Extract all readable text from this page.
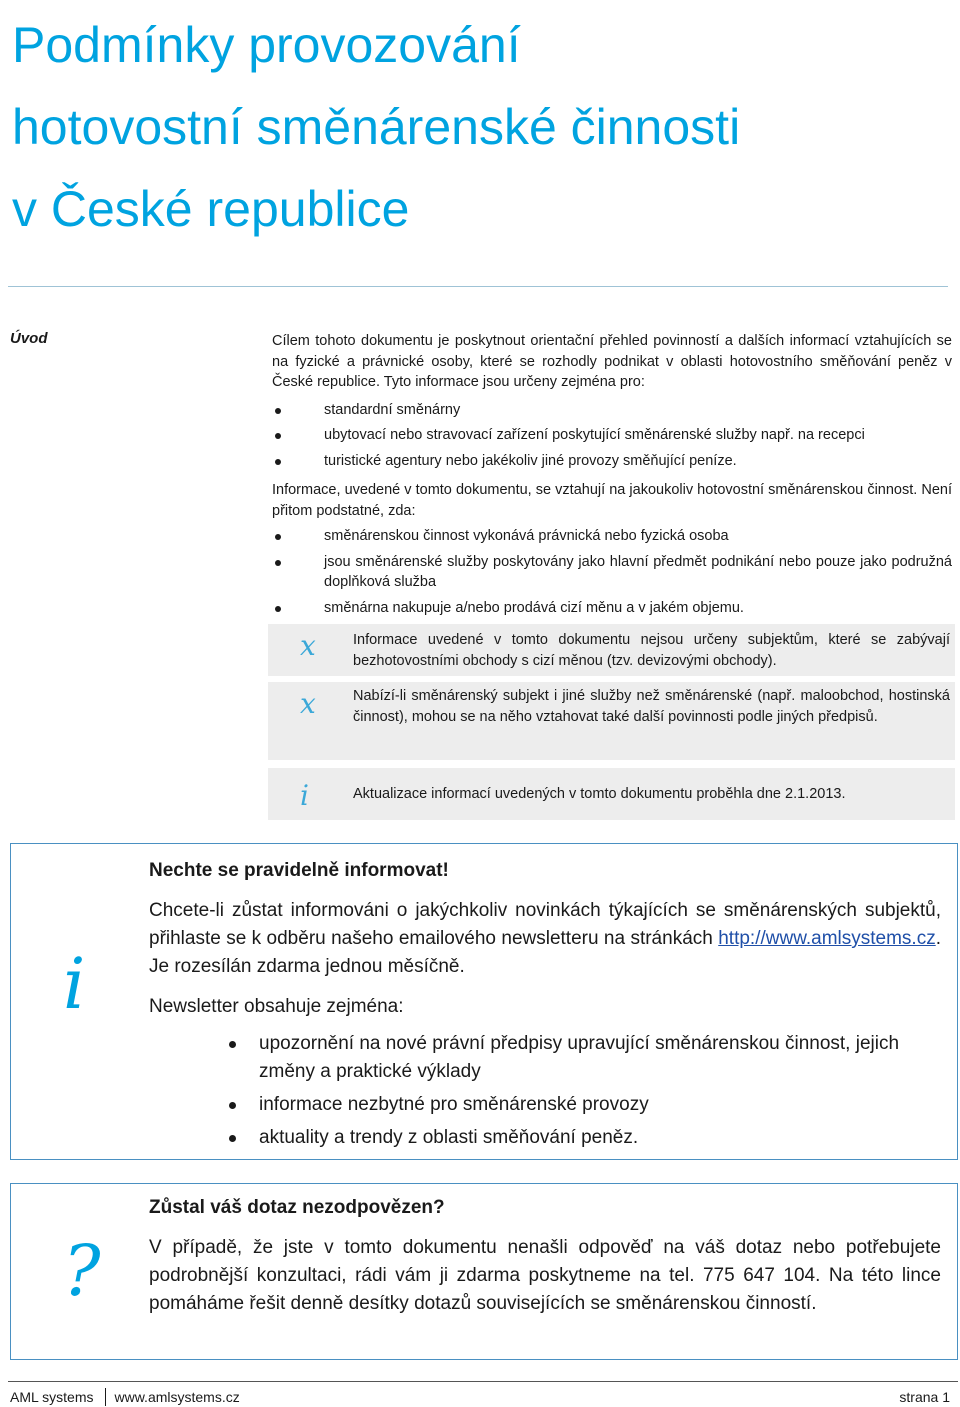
Podmínky provozování
hotovostní směnárenské činnosti
v České republice
Úvod	Cílem tohoto dokumentu je poskytnout orientační přehled povinností a dalších informací vztahujících se na fyzické a právnické osoby, které se rozhodly podnikat v oblasti hotovostního směňování peněz v České republice. Tyto informace jsou určeny zejména pro:

standardní směnárny
ubytovací nebo stravovací zařízení poskytující směnárenské služby např. na recepci
turistické agentury nebo jakékoliv jiné provozy směňující peníze.

Informace, uvedené v tomto dokumentu, se vztahují na jakoukoliv hotovostní směnárenskou činnost. Není přitom podstatné, zda:

směnárenskou činnost vykonává právnická nebo fyzická osoba
jsou směnárenské služby poskytovány jako hlavní předmět podnikání nebo pouze jako podružná doplňková služba
směnárna nakupuje a/nebo prodává cizí měnu a v jakém objemu.
x	Informace uvedené v tomto dokumentu nejsou určeny subjektům, které se zabývají bezhotovostními obchody s cizí měnou (tzv. devizovými obchody).
x	Nabízí-li směnárenský subjekt i jiné služby než směnárenské (např. maloobchod, hostinská činnost), mohou se na něho vztahovat také další povinnosti podle jiných předpisů.
i	Aktualizace informací uvedených v tomto dokumentu proběhla dne 2.1.2013.
i
Nechte se pravidelně informovat!

Chcete-li zůstat informováni o jakýchkoliv novinkách týkajících se směnárenských subjektů, přihlaste se k odběru našeho emailového newsletteru na stránkách http://www.amlsystems.cz. Je rozesílán zdarma jednou měsíčně.

Newsletter obsahuje zejména:

upozornění na nové právní předpisy upravující směnárenskou činnost, jejich změny a praktické výklady
informace nezbytné pro směnárenské provozy
aktuality a trendy z oblasti směňování peněz.
?
Zůstal váš dotaz nezodpovězen?

V případě, že jste v tomto dokumentu nenašli odpověď na váš dotaz nebo potřebujete podrobnější konzultaci, rádi vám ji zdarma poskytneme na tel. 775 647 104. Na této lince pomáháme řešit denně desítky dotazů souvisejících se směnárenskou činností.

AML systems www.amlsystems.cz	strana 1
